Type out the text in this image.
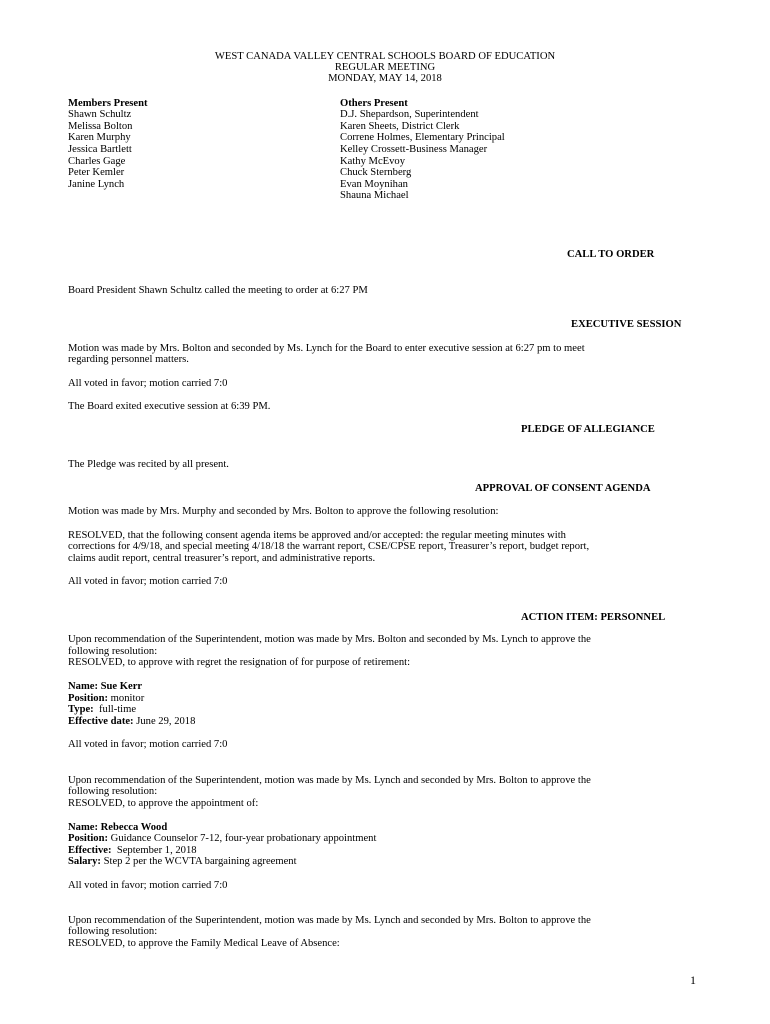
WEST CANADA VALLEY CENTRAL SCHOOLS BOARD OF EDUCATION
REGULAR MEETING
MONDAY, MAY 14, 2018
Members Present
Shawn Schultz
Melissa Bolton
Karen Murphy
Jessica Bartlett
Charles Gage
Peter Kemler
Janine Lynch
Others Present
D.J. Shepardson, Superintendent
Karen Sheets, District Clerk
Correne Holmes, Elementary Principal
Kelley Crossett-Business Manager
Kathy McEvoy
Chuck Sternberg
Evan Moynihan
Shauna Michael
CALL TO ORDER
Board President Shawn Schultz called the meeting to order at 6:27 PM
EXECUTIVE SESSION
Motion was made by Mrs. Bolton and seconded by Ms. Lynch for the Board to enter executive session at 6:27 pm to meet
regarding personnel matters.
All voted in favor; motion carried 7:0
The Board exited executive session at 6:39 PM.
PLEDGE OF ALLEGIANCE
The Pledge was recited by all present.
APPROVAL OF CONSENT AGENDA
Motion was made by Mrs. Murphy and seconded by Mrs. Bolton to approve the following resolution:
RESOLVED, that the following consent agenda items be approved and/or accepted: the regular meeting minutes with
corrections for 4/9/18, and special meeting 4/18/18 the warrant report, CSE/CPSE report, Treasurer’s report, budget report,
claims audit report, central treasurer’s report, and administrative reports.
All voted in favor; motion carried 7:0
ACTION ITEM: PERSONNEL
Upon recommendation of the Superintendent, motion was made by Mrs. Bolton and seconded by Ms. Lynch to approve the
following resolution:
RESOLVED, to approve with regret the resignation of for purpose of retirement:
Name: Sue Kerr
Position: monitor
Type:  full-time
Effective date: June 29, 2018
All voted in favor; motion carried 7:0
Upon recommendation of the Superintendent, motion was made by Ms. Lynch and seconded by Mrs. Bolton to approve the
following resolution:
RESOLVED, to approve the appointment of:
Name: Rebecca Wood
Position: Guidance Counselor 7-12, four-year probationary appointment
Effective:  September 1, 2018
Salary: Step 2 per the WCVTA bargaining agreement
All voted in favor; motion carried 7:0
Upon recommendation of the Superintendent, motion was made by Ms. Lynch and seconded by Mrs. Bolton to approve the
following resolution:
RESOLVED, to approve the Family Medical Leave of Absence:
1
